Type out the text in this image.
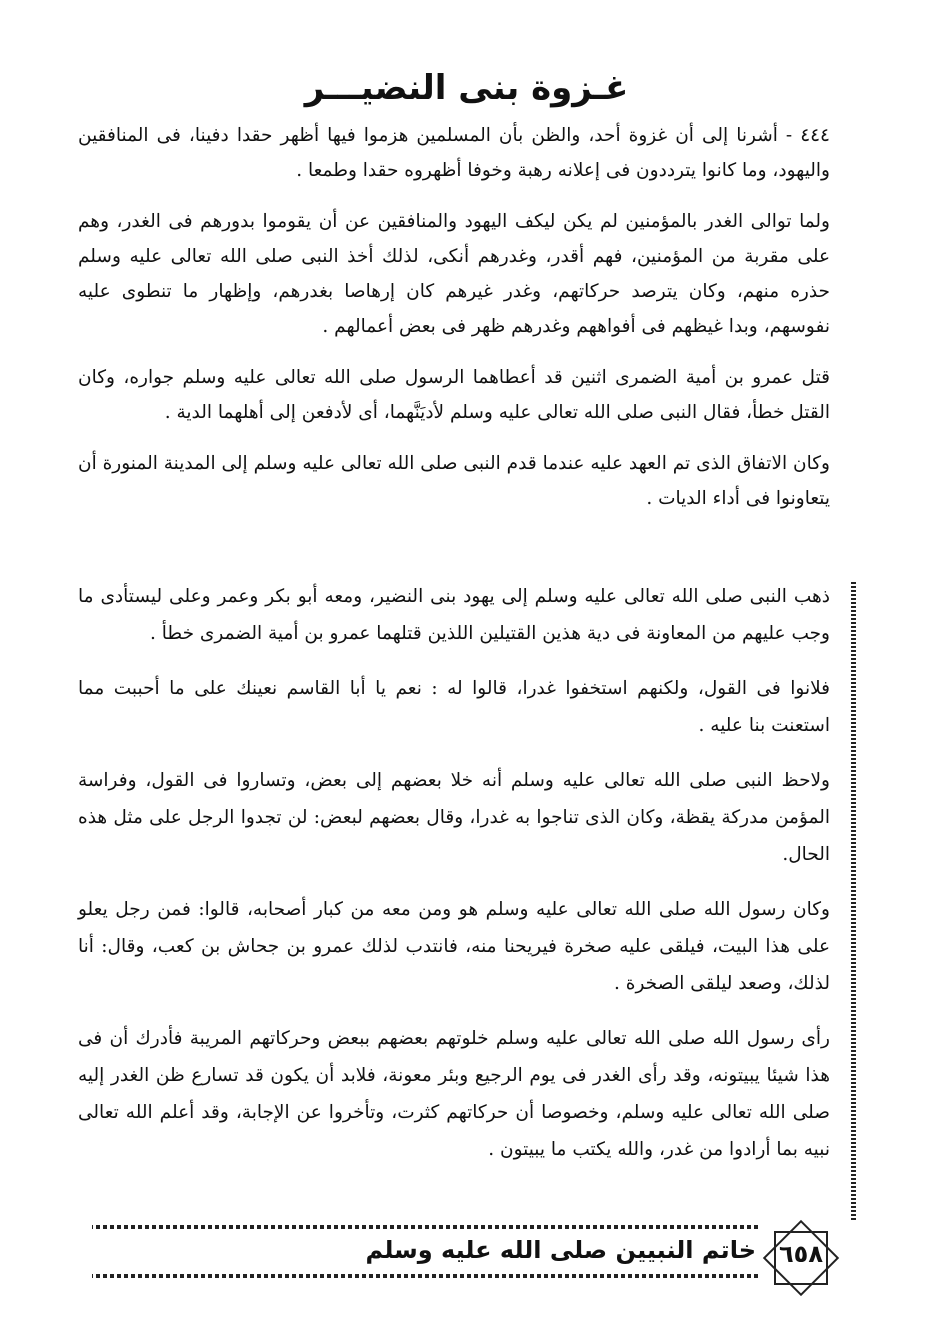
غـزوة بنى النضيـــر

٤٤٤ - أشرنا إلى أن غزوة أحد، والظن بأن المسلمين هزموا فيها أظهر حقدا دفينا، فى المنافقين واليهود، وما كانوا يترددون فى إعلانه رهبة وخوفا أظهروه حقدا وطمعا .

ولما توالى الغدر بالمؤمنين لم يكن ليكف اليهود والمنافقين عن أن يقوموا بدورهم فى الغدر، وهم على مقربة من المؤمنين، فهم أقدر، وغدرهم أنكى، لذلك أخذ النبى صلى الله تعالى عليه وسلم حذره منهم، وكان يترصد حركاتهم، وغدر غيرهم كان إرهاصا بغدرهم، وإظهار ما تنطوى عليه نفوسهم، وبدا غيظهم فى أفواههم وغدرهم ظهر فى بعض أعمالهم .

قتل عمرو بن أمية الضمرى اثنين قد أعطاهما الرسول صلى الله تعالى عليه وسلم جواره، وكان القتل خطأ، فقال النبى صلى الله تعالى عليه وسلم لأديَنَّهما، أى لأدفعن إلى أهلهما الدية .

وكان الاتفاق الذى تم العهد عليه عندما قدم النبى صلى الله تعالى عليه وسلم إلى المدينة المنورة أن يتعاونوا فى أداء الديات .

ذهب النبى صلى الله تعالى عليه وسلم إلى يهود بنى النضير، ومعه أبو بكر وعمر وعلى ليستأدى ما وجب عليهم من المعاونة فى دية هذين القتيلين اللذين قتلهما عمرو بن أمية الضمرى خطأ .

فلانوا فى القول، ولكنهم استخفوا غدرا، قالوا له : نعم يا أبا القاسم نعينك على ما أحببت مما استعنت بنا عليه .

ولاحظ النبى صلى الله تعالى عليه وسلم أنه خلا بعضهم إلى بعض، وتساروا فى القول، وفراسة المؤمن مدركة يقظة، وكان الذى تناجوا به غدرا، وقال بعضهم لبعض: لن تجدوا الرجل على مثل هذه الحال.

وكان رسول الله صلى الله تعالى عليه وسلم هو ومن معه من كبار أصحابه، قالوا: فمن رجل يعلو على هذا البيت، فيلقى عليه صخرة فيريحنا منه، فانتدب لذلك عمرو بن جحاش بن كعب، وقال: أنا لذلك، وصعد ليلقى الصخرة .

رأى رسول الله صلى الله تعالى عليه وسلم خلوتهم بعضهم ببعض وحركاتهم المريبة فأدرك أن فى هذا شيئا يبيتونه، وقد رأى الغدر فى يوم الرجيع وبئر معونة، فلابد أن يكون قد تسارع ظن الغدر إليه صلى الله تعالى عليه وسلم، وخصوصا أن حركاتهم كثرت، وتأخروا عن الإجابة، وقد أعلم الله تعالى نبيه بما أرادوا من غدر، والله يكتب ما يبيتون .

خاتم النبيين صلى الله عليه وسلم ٦٥٨
